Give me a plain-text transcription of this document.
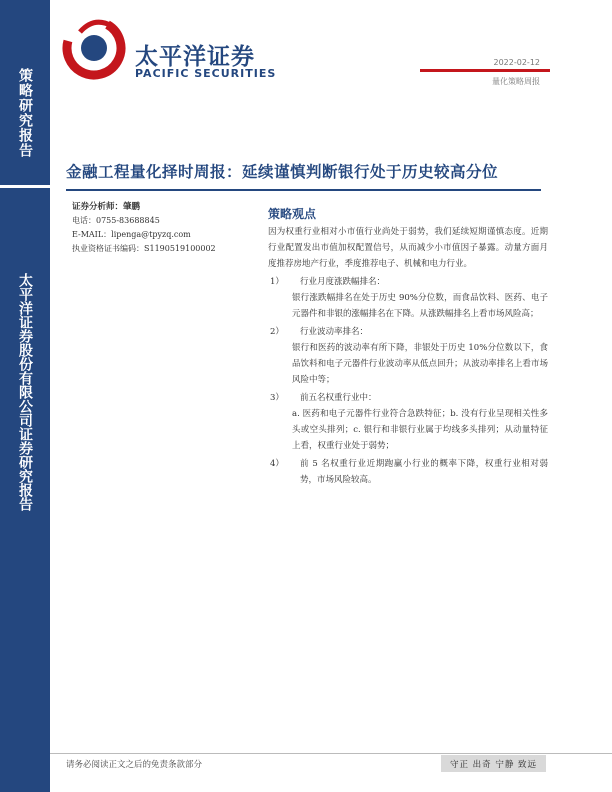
策略研究报告
太平洋证券股份有限公司证券研究报告
太平洋证券
PACIFIC SECURITIES
2022-02-12
量化策略周报
金融工程量化择时周报：延续谨慎判断银行处于历史较高分位
证券分析师：肇鹏
电话：0755-83688845
E-MAIL：lipenga@tpyzq.com
执业资格证书编码：S1190519100002
策略观点

因为权重行业相对小市值行业尚处于弱势，我们延续短期谨慎态度。近期行业配置发出市值加权配置信号，从而减少小市值因子暴露。动量方面月度推荐房地产行业，季度推荐电子、机械和电力行业。

1）	行业月度涨跌幅排名：
银行涨跌幅排名在处于历史 90%分位数，而食品饮料、医药、电子元器件和非银的涨幅排名在下降。从涨跌幅排名上看市场风险高；
2）	行业波动率排名：
银行和医药的波动率有所下降，非银处于历史 10%分位数以下，食品饮料和电子元器件行业波动率从低点回升；从波动率排名上看市场风险中等；
3）	前五名权重行业中：
a. 医药和电子元器件行业符合急跌特征；b. 没有行业呈现相关性多头或空头排列；c. 银行和非银行业属于均线多头排列；从动量特征上看，权重行业处于弱势；
4）	前 5 名权重行业近期跑赢小行业的概率下降，权重行业相对弱势，市场风险较高。
请务必阅读正文之后的免责条款部分	守正 出奇 宁静 致远
